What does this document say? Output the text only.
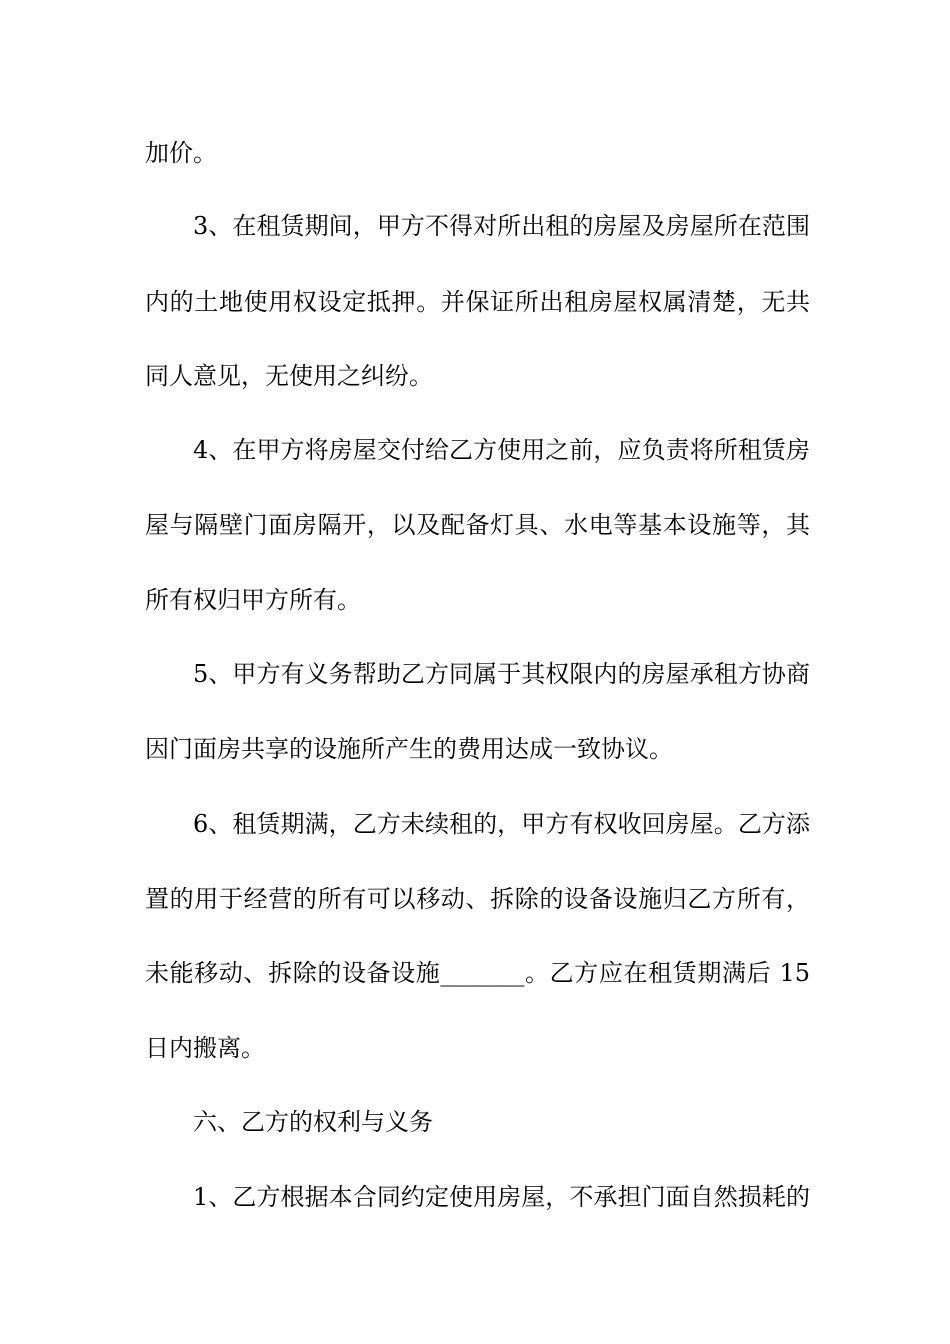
加价。
3、在租赁期间，甲方不得对所出租的房屋及房屋所在范围
内的土地使用权设定抵押。并保证所出租房屋权属清楚，无共
同人意见，无使用之纠纷。
4、在甲方将房屋交付给乙方使用之前，应负责将所租赁房
屋与隔壁门面房隔开，以及配备灯具、水电等基本设施等，其
所有权归甲方所有。
5、甲方有义务帮助乙方同属于其权限内的房屋承租方协商
因门面房共享的设施所产生的费用达成一致协议。
6、租赁期满，乙方未续租的，甲方有权收回房屋。乙方添
置的用于经营的所有可以移动、拆除的设备设施归乙方所有，
未能移动、拆除的设备设施_______。乙方应在租赁期满后 15
日内搬离。
六、乙方的权利与义务
1、乙方根据本合同约定使用房屋，不承担门面自然损耗的
